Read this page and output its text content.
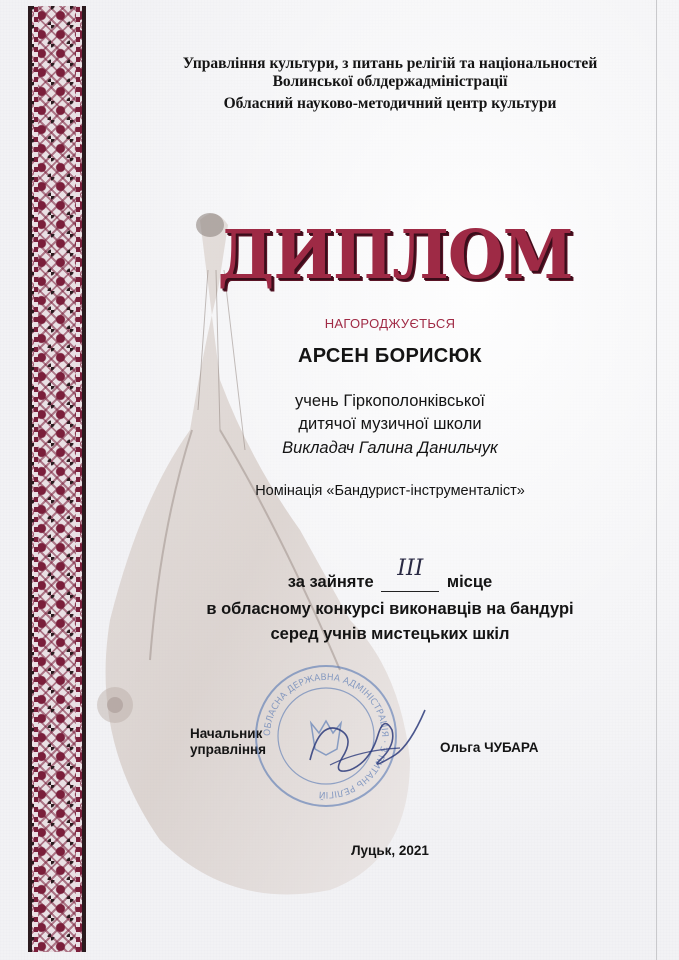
Управління культури, з питань релігій та національностей
Волинської облдержадміністрації
Обласний науково-методичний центр культури
ДИПЛОМ
НАГОРОДЖУЄТЬСЯ
АРСЕН БОРИСЮК
учень Гіркополонківської
дитячої музичної школи
Викладач Галина Данильчук
Номінація «Бандурист-інструменталіст»
за зайняте
III
місце
в обласному конкурсі виконавців на бандурі
серед учнів мистецьких шкіл
Начальник
управління
ОБЛАСНА ДЕРЖАВНА АДМІНІСТРАЦІЯ · З ПИТАНЬ РЕЛІГІЙ
Ольга ЧУБАРА
Луцьк, 2021
